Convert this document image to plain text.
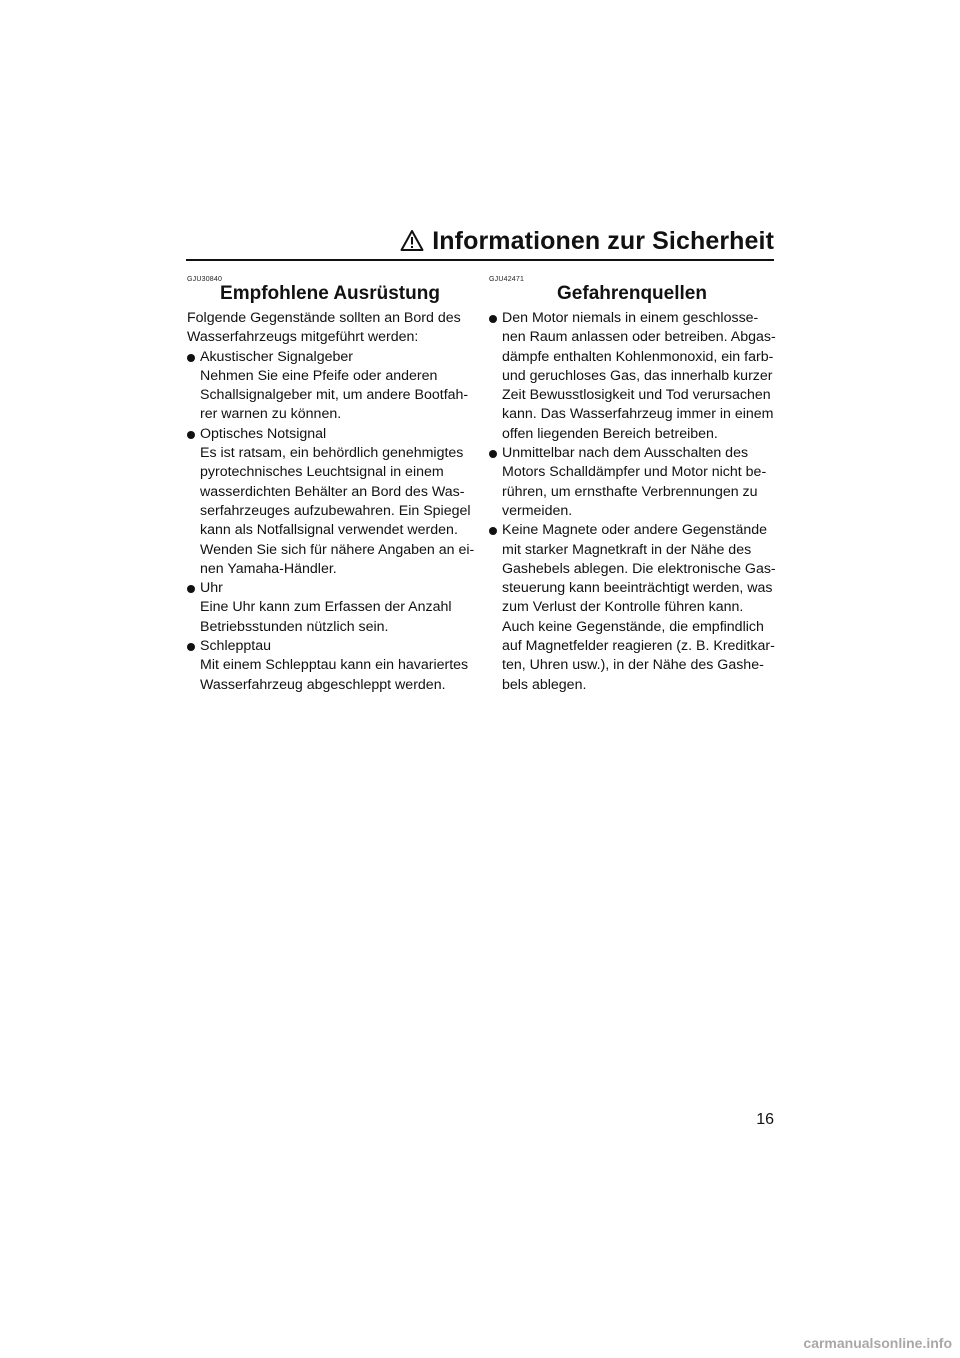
Informationen zur Sicherheit
GJU30840
Empfohlene Ausrüstung
Folgende Gegenstände sollten an Bord des
Wasserfahrzeugs mitgeführt werden:
Akustischer Signalgeber
Nehmen Sie eine Pfeife oder anderen
Schallsignalgeber mit, um andere Bootfah-
rer warnen zu können.
Optisches Notsignal
Es ist ratsam, ein behördlich genehmigtes
pyrotechnisches Leuchtsignal in einem
wasserdichten Behälter an Bord des Was-
serfahrzeuges aufzubewahren. Ein Spiegel
kann als Notfallsignal verwendet werden.
Wenden Sie sich für nähere Angaben an ei-
nen Yamaha-Händler.
Uhr
Eine Uhr kann zum Erfassen der Anzahl
Betriebsstunden nützlich sein.
Schlepptau
Mit einem Schlepptau kann ein havariertes
Wasserfahrzeug abgeschleppt werden.
GJU42471
Gefahrenquellen
Den Motor niemals in einem geschlosse-
nen Raum anlassen oder betreiben. Abgas-
dämpfe enthalten Kohlenmonoxid, ein farb-
und geruchloses Gas, das innerhalb kurzer
Zeit Bewusstlosigkeit und Tod verursachen
kann. Das Wasserfahrzeug immer in einem
offen liegenden Bereich betreiben.
Unmittelbar nach dem Ausschalten des
Motors Schalldämpfer und Motor nicht be-
rühren, um ernsthafte Verbrennungen zu
vermeiden.
Keine Magnete oder andere Gegenstände
mit starker Magnetkraft in der Nähe des
Gashebels ablegen. Die elektronische Gas-
steuerung kann beeinträchtigt werden, was
zum Verlust der Kontrolle führen kann.
Auch keine Gegenstände, die empfindlich
auf Magnetfelder reagieren (z. B. Kreditkar-
ten, Uhren usw.), in der Nähe des Gashe-
bels ablegen.
16
carmanualsonline.info
